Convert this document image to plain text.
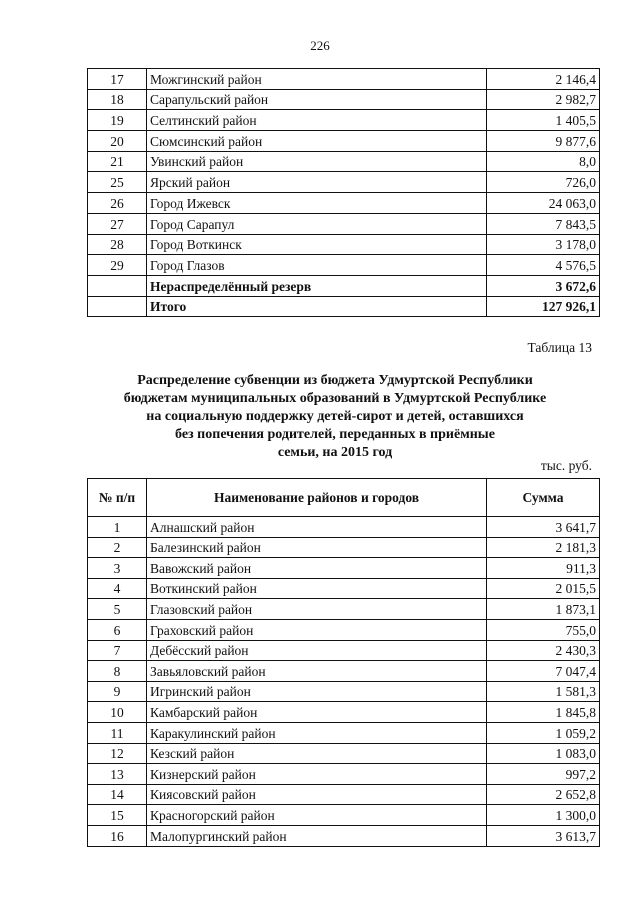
226
17	Можгинский район	2 146,4
18	Сарапульский район	2 982,7
19	Селтинский район	1 405,5
20	Сюмсинский район	9 877,6
21	Увинский район	8,0
25	Ярский район	726,0
26	Город Ижевск	24 063,0
27	Город Сарапул	7 843,5
28	Город Воткинск	3 178,0
29	Город Глазов	4 576,5
	Нераспределённый резерв	3 672,6
	Итого	127 926,1
Таблица 13
Распределение субвенции из бюджета Удмуртской Республики
бюджетам муниципальных образований в Удмуртской Республике
на социальную поддержку детей-сирот и детей, оставшихся
без попечения родителей, переданных в приёмные
семьи, на 2015 год
тыс. руб.
№ п/п	Наименование районов и городов	Сумма
1	Алнашский район	3 641,7
2	Балезинский район	2 181,3
3	Вавожский район	911,3
4	Воткинский район	2 015,5
5	Глазовский район	1 873,1
6	Граховский район	755,0
7	Дебёсский район	2 430,3
8	Завьяловский район	7 047,4
9	Игринский район	1 581,3
10	Камбарский район	1 845,8
11	Каракулинский район	1 059,2
12	Кезский район	1 083,0
13	Кизнерский район	997,2
14	Киясовский район	2 652,8
15	Красногорский район	1 300,0
16	Малопургинский район	3 613,7
